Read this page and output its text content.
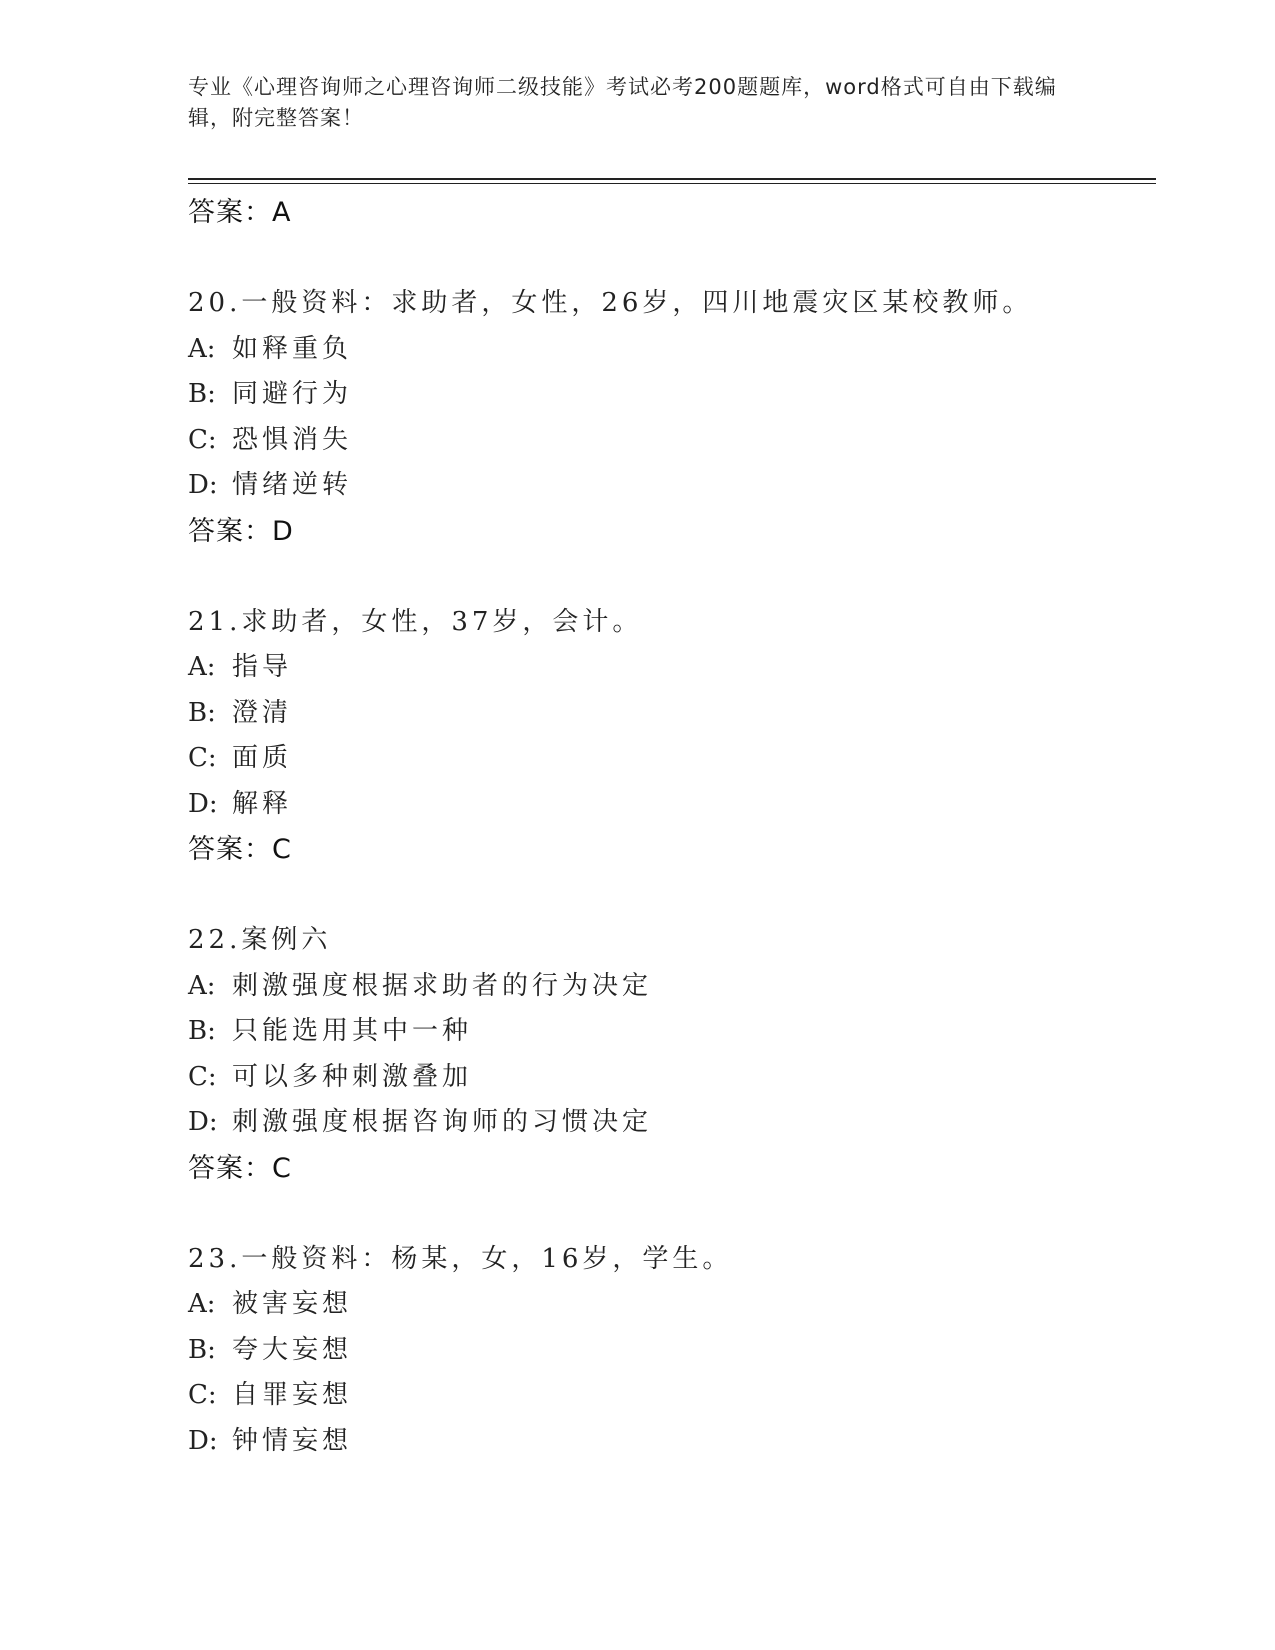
专业《心理咨询师之心理咨询师二级技能》考试必考200题题库，word格式可自由下载编辑，附完整答案！
答案：A
20.一般资料：求助者，女性，26岁，四川地震灾区某校教师。
A: 如释重负
B: 同避行为
C: 恐惧消失
D: 情绪逆转
答案：D
21.求助者，女性，37岁，会计。
A: 指导
B: 澄清
C: 面质
D: 解释
答案：C
22.案例六
A: 刺激强度根据求助者的行为决定
B: 只能选用其中一种
C: 可以多种刺激叠加
D: 刺激强度根据咨询师的习惯决定
答案：C
23.一般资料：杨某，女，16岁，学生。
A: 被害妄想
B: 夸大妄想
C: 自罪妄想
D: 钟情妄想
